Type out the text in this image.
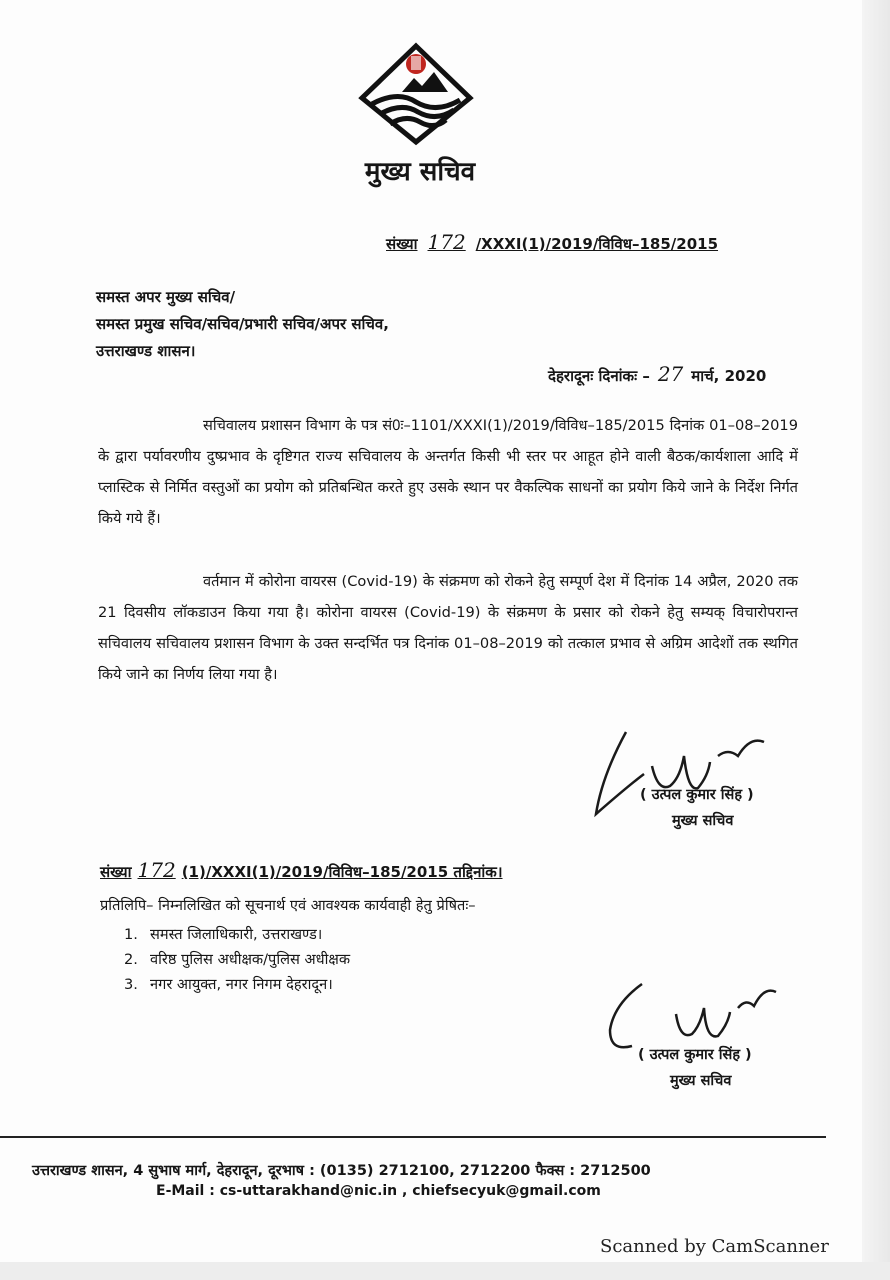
मुख्य सचिव
संख्या 172 /XXXI(1)/2019/विविध–185/2015
समस्त अपर मुख्य सचिव/
समस्त प्रमुख सचिव/सचिव/प्रभारी सचिव/अपर सचिव,
उत्तराखण्ड शासन।
देहरादूनः दिनांकः – 27 मार्च, 2020

सचिवालय प्रशासन विभाग के पत्र सं0ः–1101/XXXI(1)/2019/विविध–185/2015 दिनांक 01–08–2019 के द्वारा पर्यावरणीय दुष्प्रभाव के दृष्टिगत राज्य सचिवालय के अन्तर्गत किसी भी स्तर पर आहूत होने वाली बैठक/कार्यशाला आदि में प्लास्टिक से निर्मित वस्तुओं का प्रयोग को प्रतिबन्धित करते हुए उसके स्थान पर वैकल्पिक साधनों का प्रयोग किये जाने के निर्देश निर्गत किये गये हैं।

वर्तमान में कोरोना वायरस (Covid-19) के संक्रमण को रोकने हेतु सम्पूर्ण देश में दिनांक 14 अप्रैल, 2020 तक 21 दिवसीय लॉकडाउन किया गया है। कोरोना वायरस (Covid-19) के संक्रमण के प्रसार को रोकने हेतु सम्यक् विचारोपरान्त सचिवालय सचिवालय प्रशासन विभाग के उक्त सन्दर्भित पत्र दिनांक 01–08–2019 को तत्काल प्रभाव से अग्रिम आदेशों तक स्थगित किये जाने का निर्णय लिया गया है।

( उत्पल कुमार सिंह )
मुख्य सचिव
संख्या 172 (1)/XXXI(1)/2019/विविध–185/2015 तद्दिनांक।
प्रतिलिपि– निम्नलिखित को सूचनार्थ एवं आवश्यक कार्यवाही हेतु प्रेषितः–
1. समस्त जिलाधिकारी, उत्तराखण्ड।
2. वरिष्ठ पुलिस अधीक्षक/पुलिस अधीक्षक
3. नगर आयुक्त, नगर निगम देहरादून।
( उत्पल कुमार सिंह )
मुख्य सचिव
उत्तराखण्ड शासन, 4 सुभाष मार्ग, देहरादून, दूरभाष : (0135) 2712100, 2712200 फैक्स : 2712500
E-Mail : cs-uttarakhand@nic.in , chiefsecyuk@gmail.com
Scanned by CamScanner
